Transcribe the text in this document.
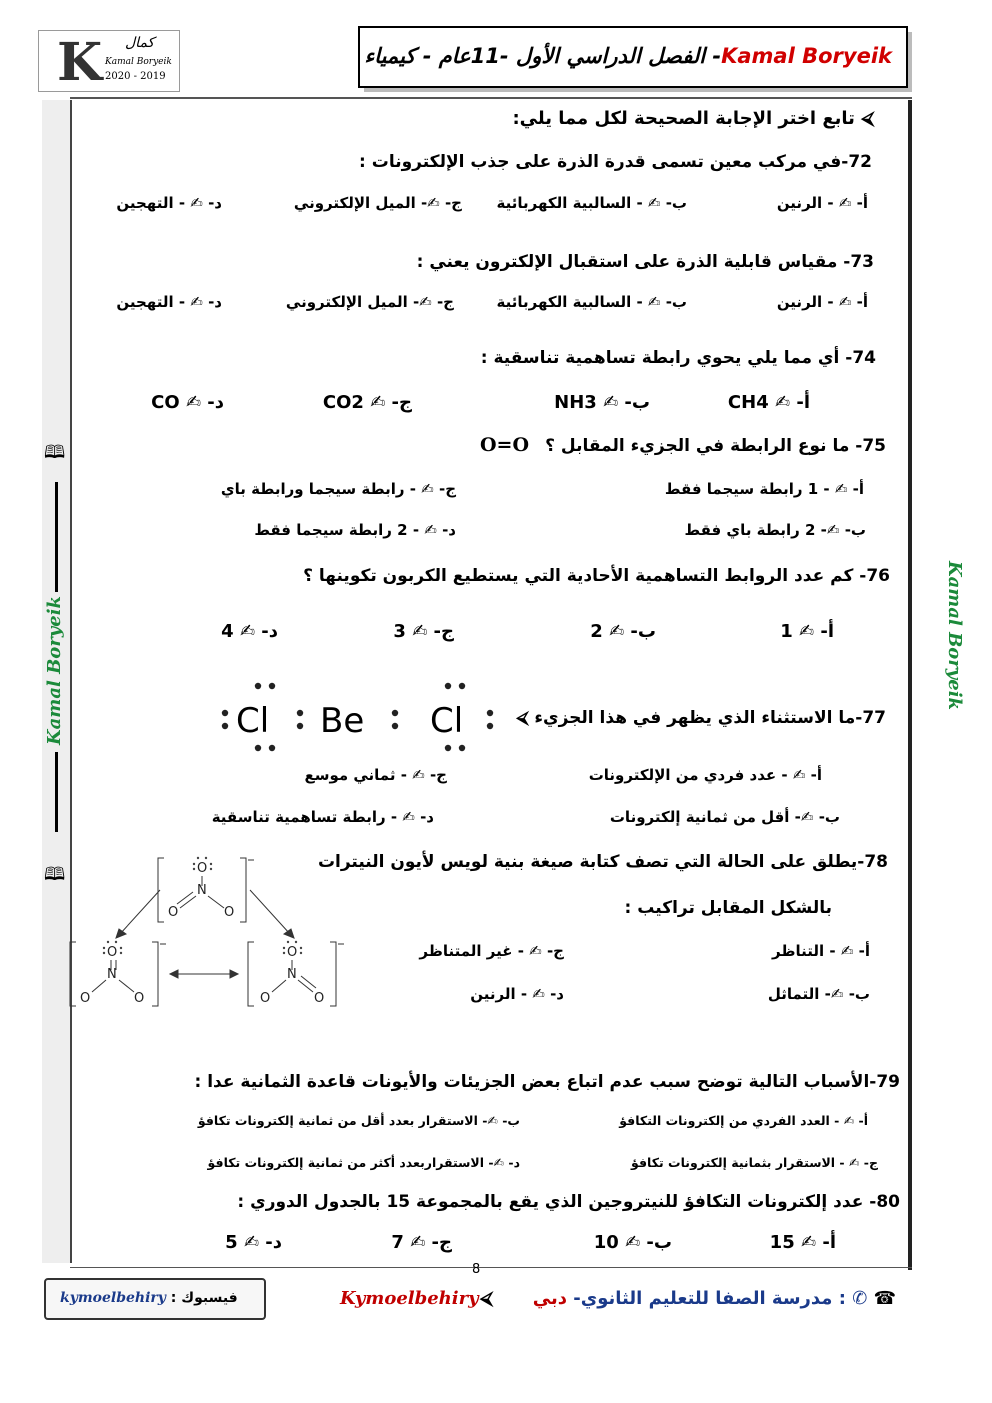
K كمال
Kamal Boryeik
2020 - 2019
Kamal Boryeik- الفصل الدراسي الأول -11عام - كيمياء
🕮
🕮
Kamal Boryeik	Kamal Boryeik
⮘ تابع اختر الإجابة الصحيحة لكل مما يلي:
72-في مركب معين تسمى قدرة الذرة على جذب الإلكترونات :
أ- ✍ - الرنين
ب- ✍ - السالبية الكهربائية
ج- ✍- الميل الإلكتروني
د- ✍ - التهجين
73- مقياس قابلية الذرة على استقبال الإلكترون يعني :
أ- ✍ - الرنين
ب- ✍ - السالبية الكهربائية
ج- ✍- الميل الإلكتروني
د- ✍ - التهجين
74- أي مما يلي يحوي رابطة تساهمية تناسقية :
أ- ✍ CH4
ب- ✍ NH3
ج- ✍ CO2
د- ✍ CO
75- ما نوع الرابطة في الجزيء المقابل ؟
O=O
أ- ✍ - 1 رابطة سيجما فقط
ج- ✍ - رابطة سيجما ورابطة باي
ب- ✍- 2 رابطة باي فقط
د- ✍ - 2 رابطة سيجما فقط
76- كم عدد الروابط التساهمية الأحادية التي يستطيع الكربون تكوينها ؟
أ- ✍ 1
ب- ✍ 2
ج- ✍ 3
د- ✍ 4
77-ما الاستثناء الذي يظهر في هذا الجزيء ⮘
Cl Be Cl
أ- ✍ - عدد فردي من الإلكترونات
ج- ✍ - ثماني موسع
ب- ✍- أقل من ثمانية إلكترونات
د- ✍ - رابطة تساهمية تناسقية
78-يطلق على الحالة التي تصف كتابة صيغة بنية لويس لأيون النيترات
بالشكل المقابل تراكيب :
O
N
O	O
O
N
O	O
O
N
O	O
أ- ✍ - التناظر
ج- ✍ - غير المتناظر
ب- ✍- التماثل
د- ✍ - الرنين
79-الأسباب التالية توضح سبب عدم اتباع بعض الجزيئات والأيونات قاعدة الثمانية عدا :
أ- ✍ - العدد الفردي من إلكترونات التكافؤ
ب- ✍- الاستقرار بعدد أقل من ثمانية إلكترونات تكافؤ
ج- ✍ - الاستقرار بثمانية إلكترونات تكافؤ
د- ✍- الاستقراربعدد أكثر من ثمانية إلكترونات تكافؤ
80- عدد إلكترونات التكافؤ للنيتروجين الذي يقع بالمجموعة 15 بالجدول الدوري :
أ- ✍ 15
ب- ✍ 10
ج- ✍ 7
د- ✍ 5
8
فيسبوك : kymoelbehiry	Kymoelbehiry ⮘	☎ ✆ : مدرسة الصفا للتعليم الثانوي- دبي
